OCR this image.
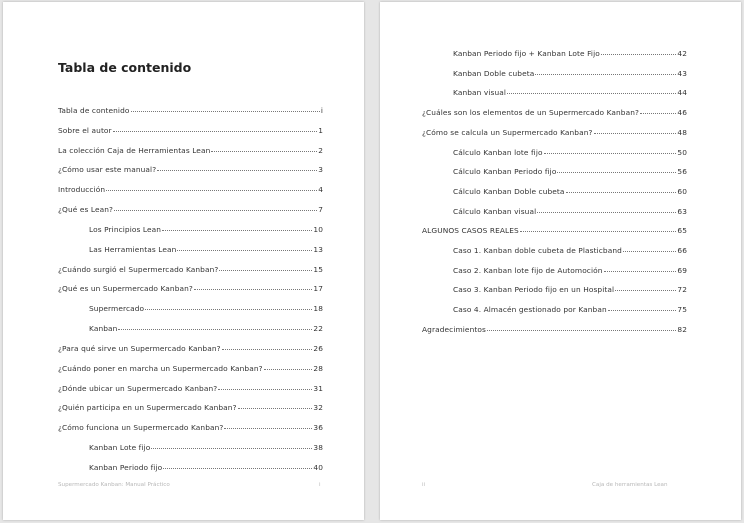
Tabla de contenido
Tabla de contenido	i
Sobre el autor	1
La colección Caja de Herramientas Lean	2
¿Cómo usar este manual?	3
Introducción	4
¿Qué es Lean?	7
Los Principios Lean	10
Las Herramientas Lean	13
¿Cuándo surgió el Supermercado Kanban?	15
¿Qué es un Supermercado Kanban?	17
Supermercado	18
Kanban	22
¿Para qué sirve un Supermercado Kanban?	26
¿Cuándo poner en marcha un Supermercado Kanban?	28
¿Dónde ubicar un Supermercado Kanban?	31
¿Quién participa en un Supermercado Kanban?	32
¿Cómo funciona un Supermercado Kanban?	36
Kanban Lote fijo	38
Kanban Periodo fijo	40
Supermercado Kanban: Manual Práctico	i
Kanban Periodo fijo + Kanban Lote Fijo	42
Kanban Doble cubeta	43
Kanban visual	44
¿Cuáles son los elementos de un Supermercado Kanban?	46
¿Cómo se calcula un Supermercado Kanban?	48
Cálculo Kanban lote fijo	50
Cálculo Kanban Periodo fijo	56
Cálculo Kanban Doble cubeta	60
Cálculo Kanban visual	63
ALGUNOS CASOS REALES	65
Caso 1. Kanban doble cubeta de Plasticband	66
Caso 2. Kanban lote fijo de Automoción	69
Caso 3. Kanban Periodo fijo en un Hospital	72
Caso 4. Almacén gestionado por Kanban	75
Agradecimientos	82
ii	Caja de herramientas Lean
